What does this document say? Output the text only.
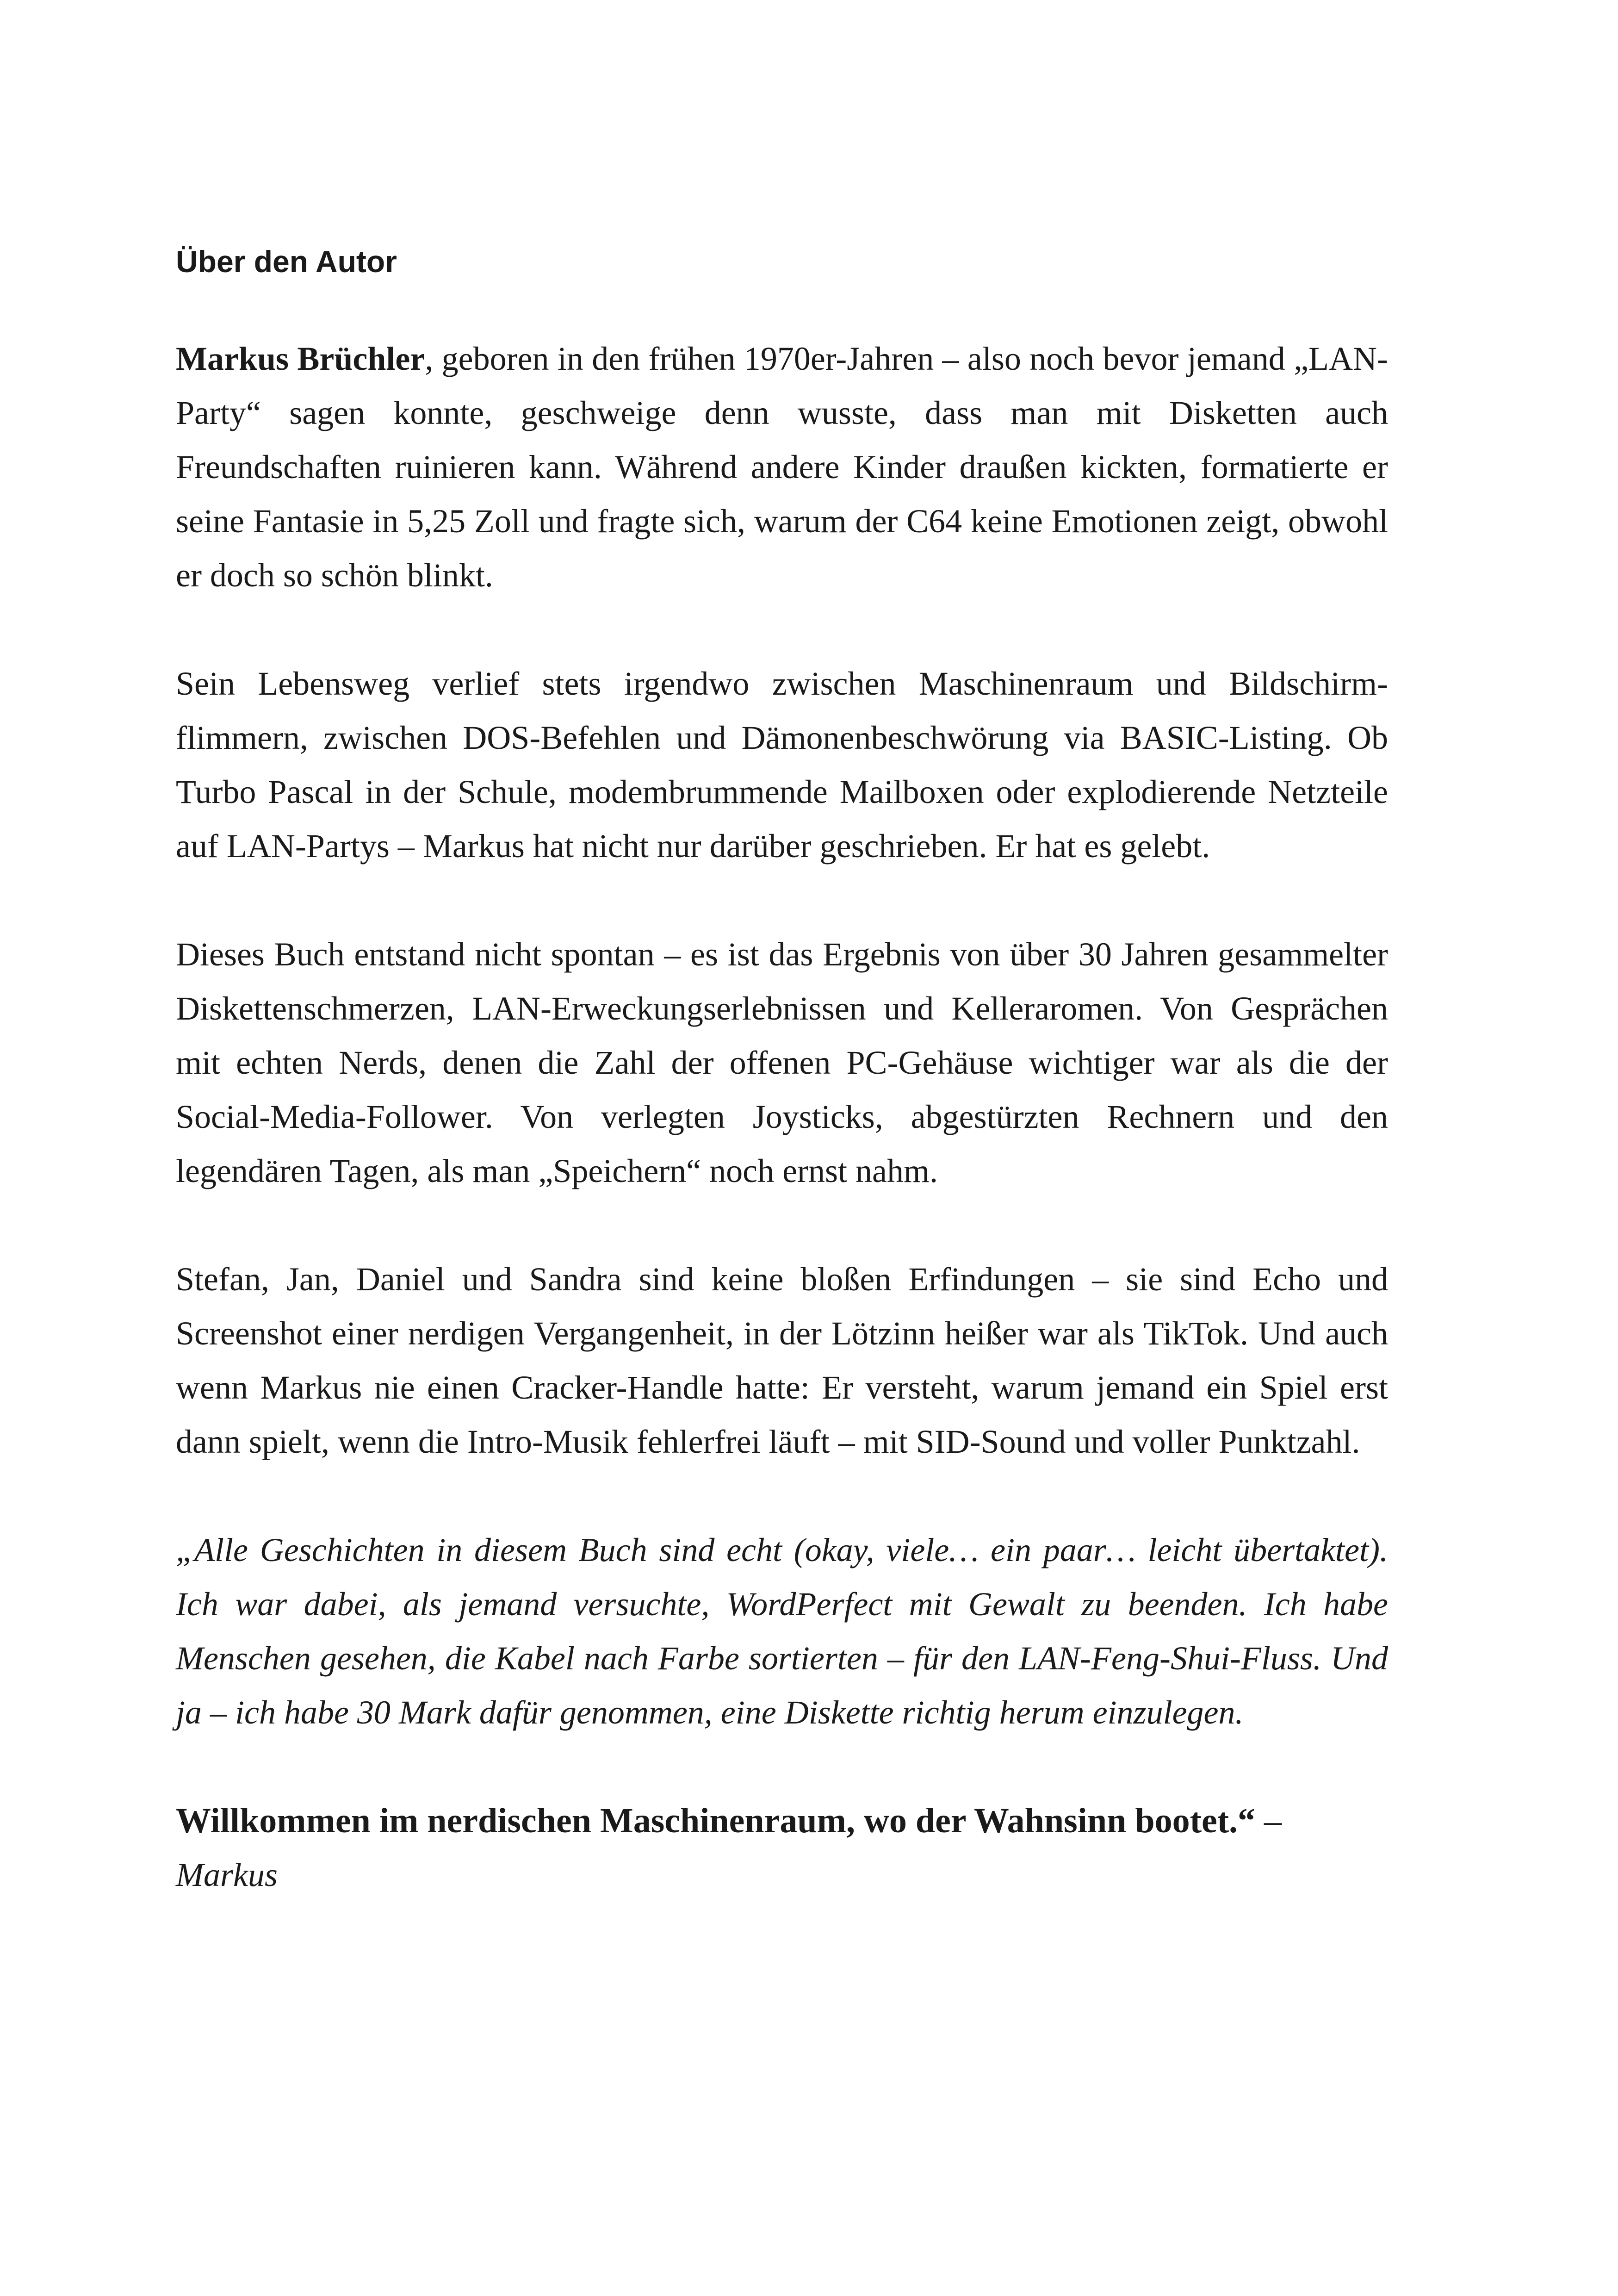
Über den Autor

Markus Brüchler, geboren in den frühen 1970er-Jahren – also noch bevor jemand „LAN-Party“ sagen konnte, geschweige denn wusste, dass man mit Disketten auch Freundschaften ruinieren kann. Während andere Kinder draußen kickten, formatierte er seine Fantasie in 5,25 Zoll und fragte sich, warum der C64 keine Emotionen zeigt, obwohl er doch so schön blinkt.

Sein Lebensweg verlief stets irgendwo zwischen Maschinenraum und Bildschirmflimmern, zwischen DOS-Befehlen und Dämonenbeschwörung via BASIC-Listing. Ob Turbo Pascal in der Schule, modembrummende Mailboxen oder explodierende Netzteile auf LAN-Partys – Markus hat nicht nur darüber geschrieben. Er hat es gelebt.

Dieses Buch entstand nicht spontan – es ist das Ergebnis von über 30 Jahren gesammelter Diskettenschmerzen, LAN-Erweckungserlebnissen und Kelleraromen. Von Gesprächen mit echten Nerds, denen die Zahl der offenen PC-Gehäuse wichtiger war als die der Social-Media-Follower. Von verlegten Joysticks, abgestürzten Rechnern und den legendären Tagen, als man „Speichern“ noch ernst nahm.

Stefan, Jan, Daniel und Sandra sind keine bloßen Erfindungen – sie sind Echo und Screenshot einer nerdigen Vergangenheit, in der Lötzinn heißer war als TikTok. Und auch wenn Markus nie einen Cracker-Handle hatte: Er versteht, warum jemand ein Spiel erst dann spielt, wenn die Intro-Musik fehlerfrei läuft – mit SID-Sound und voller Punktzahl.

„Alle Geschichten in diesem Buch sind echt (okay, viele… ein paar… leicht übertaktet). Ich war dabei, als jemand versuchte, WordPerfect mit Gewalt zu beenden. Ich habe Menschen gesehen, die Kabel nach Farbe sortierten – für den LAN-Feng-Shui-Fluss. Und ja – ich habe 30 Mark dafür genommen, eine Diskette richtig herum einzulegen.

Willkommen im nerdischen Maschinenraum, wo der Wahnsinn bootet.“ –
Markus
